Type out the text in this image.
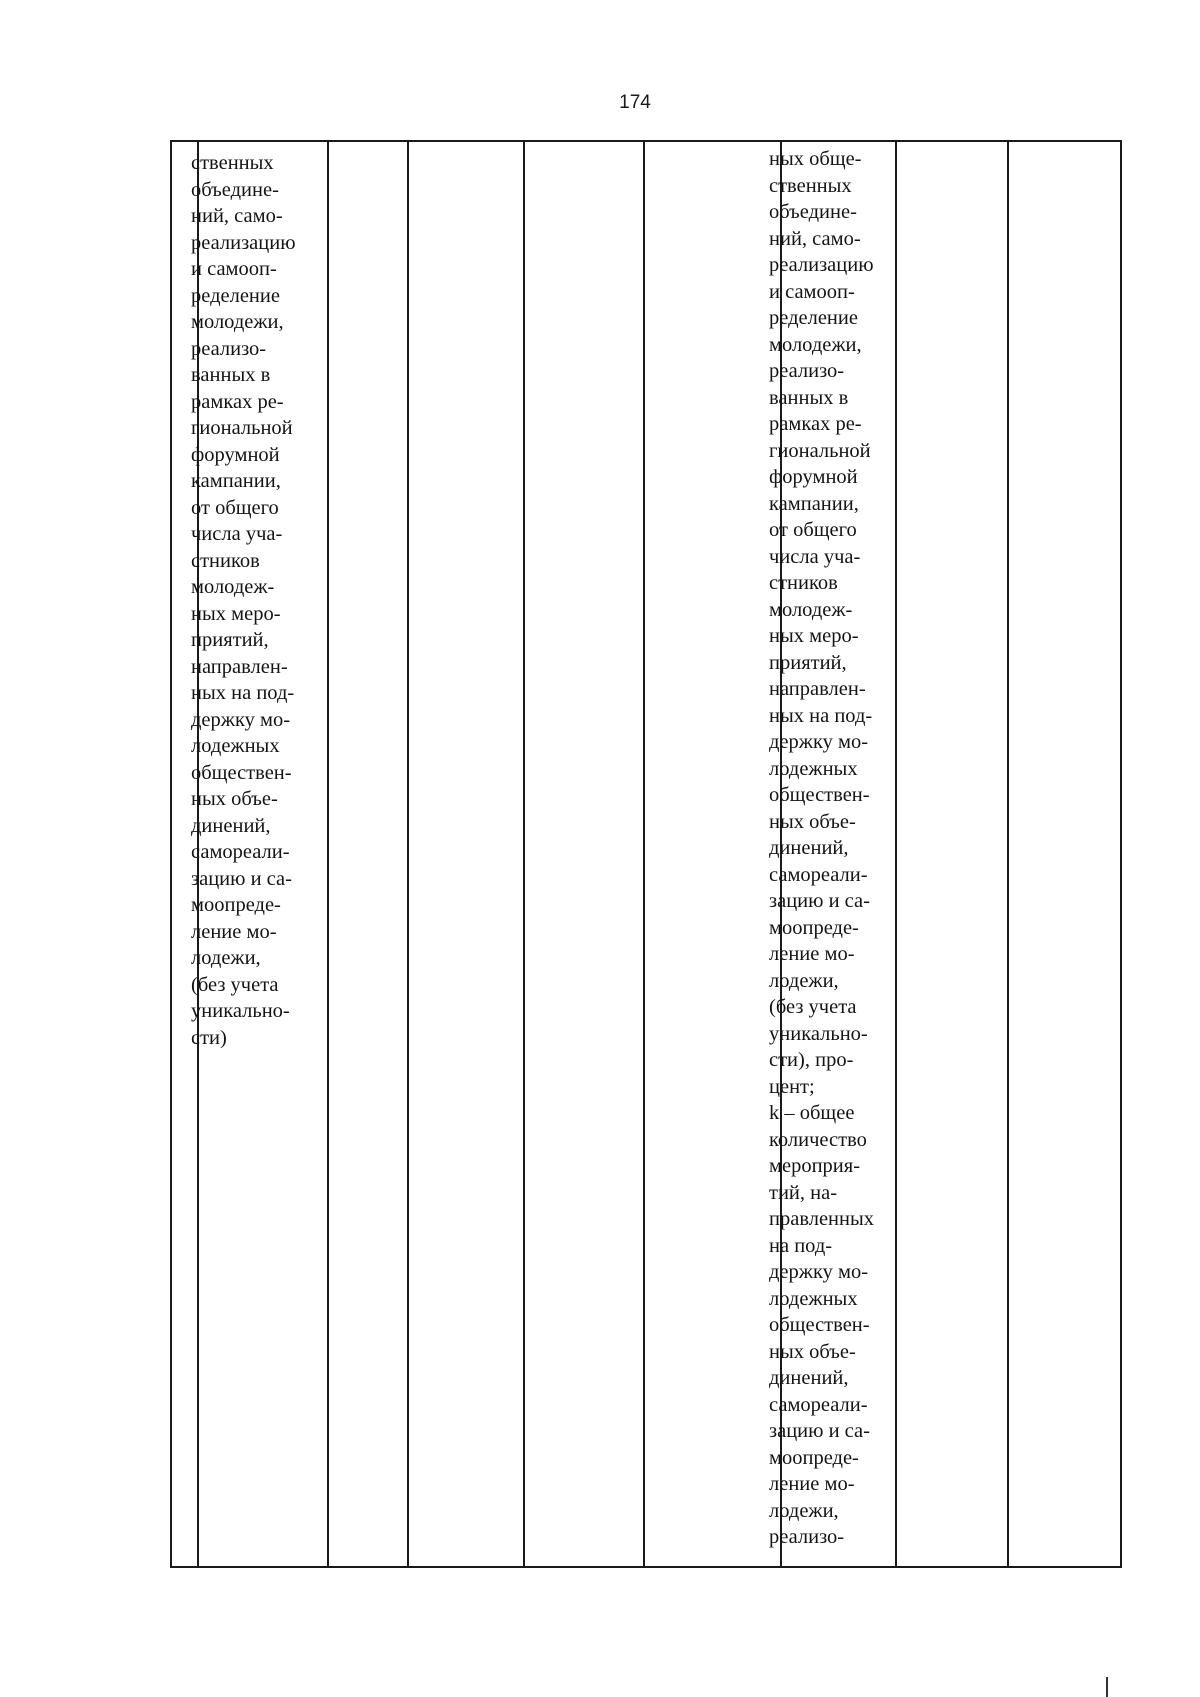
174

ственных
объедине-
ний, само-
реализацию
и самооп-
ределение
молодежи,
реализо-
ванных в
рамках ре-
гиональной
форумной
кампании,
от общего
числа уча-
стников
молодеж-
ных меро-
приятий,
направлен-
ных на под-
держку мо-
лодежных
обществен-
ных объе-
динений,
самореали-
зацию и са-
моопреде-
ление мо-
лодежи,
(без учета
уникально-
сти)

ных обще-
ственных
объедине-
ний, само-
реализацию
и самооп-
ределение
молодежи,
реализо-
ванных в
рамках ре-
гиональной
форумной
кампании,
от общего
числа уча-
стников
молодеж-
ных меро-
приятий,
направлен-
ных на под-
держку мо-
лодежных
обществен-
ных объе-
динений,
самореали-
зацию и са-
моопреде-
ление мо-
лодежи,
(без учета
уникально-
сти), про-
цент;
k – общее
количество
мероприя-
тий, на-
правленных
на под-
держку мо-
лодежных
обществен-
ных объе-
динений,
самореали-
зацию и са-
моопреде-
ление мо-
лодежи,
реализо-
